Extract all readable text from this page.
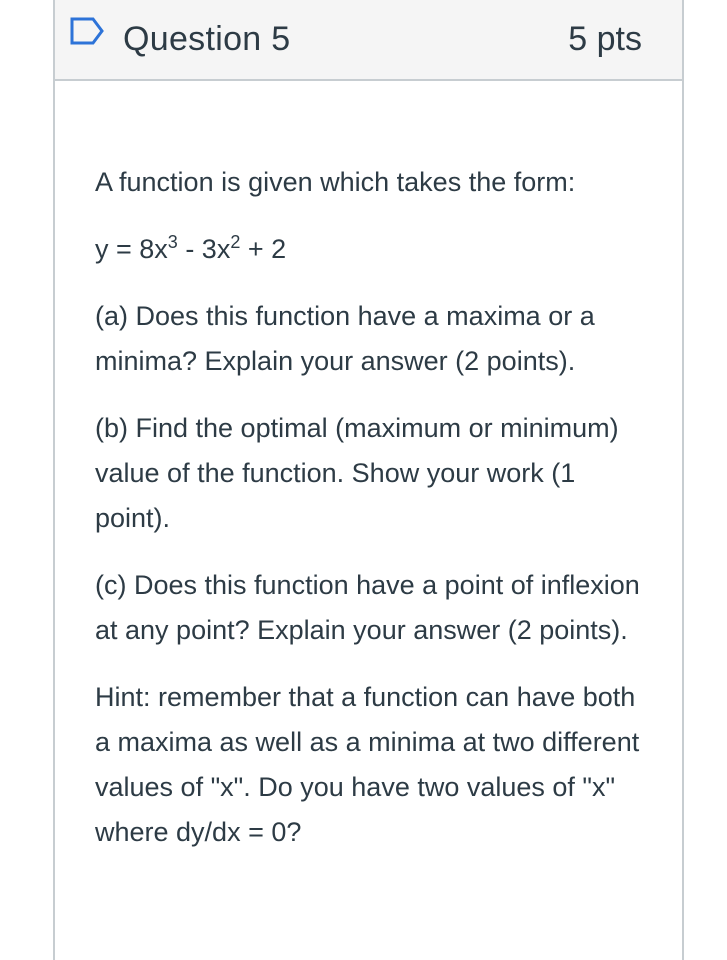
Question 5	5 pts

A function is given which takes the form:

$y = 8x^3 - 3x^2 + 2$

(a) Does this function have a maxima or a minima? Explain your answer (2 points).

(b) Find the optimal (maximum or minimum) value of the function. Show your work (1 point).

(c) Does this function have a point of inflexion at any point? Explain your answer (2 points).

Hint: remember that a function can have both a maxima as well as a minima at two different values of "x". Do you have two values of "x" where dy/dx = 0?
